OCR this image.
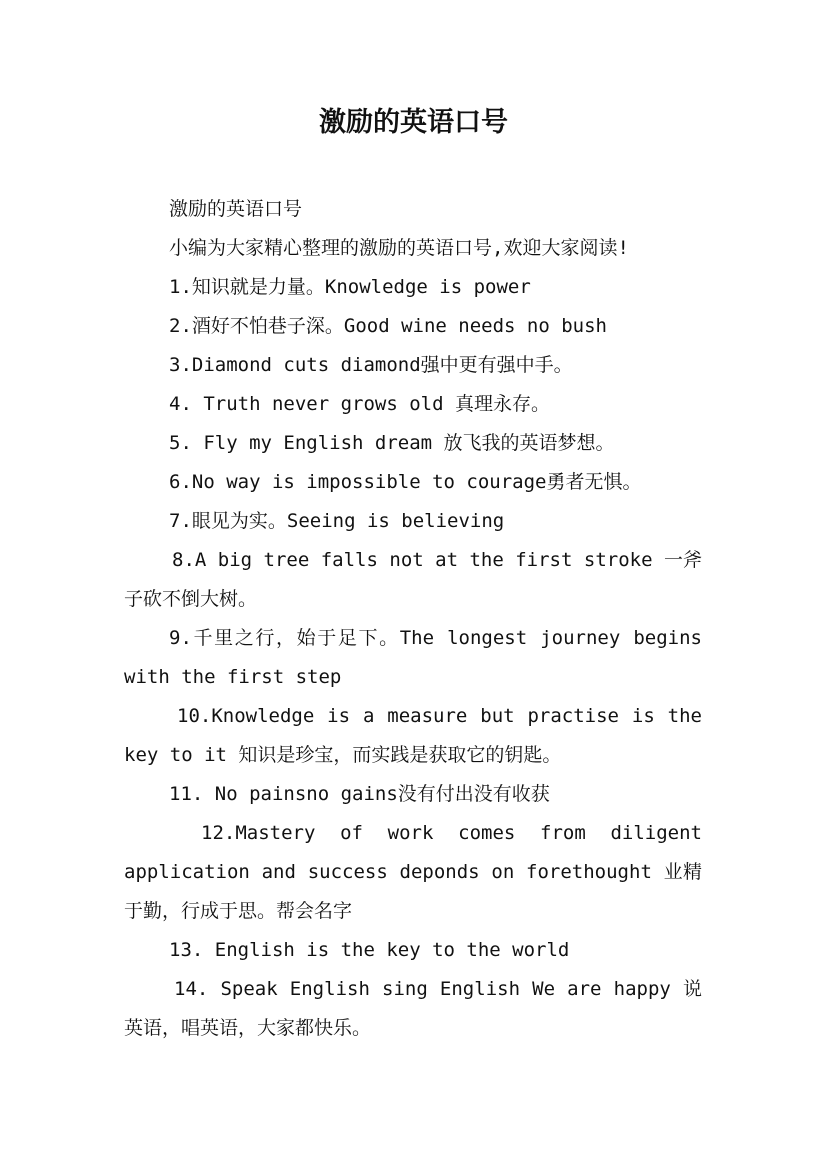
激励的英语口号

激励的英语口号

小编为大家精心整理的激励的英语口号,欢迎大家阅读!

1.知识就是力量。Knowledge is power

2.酒好不怕巷子深。Good wine needs no bush

3.Diamond cuts diamond强中更有强中手。

4. Truth never grows old 真理永存。

5. Fly my English dream 放飞我的英语梦想。

6.No way is impossible to courage勇者无惧。

7.眼见为实。Seeing is believing

8.A big tree falls not at the first stroke 一斧子砍不倒大树。

9.千里之行，始于足下。The longest journey begins with the first step

10.Knowledge is a measure but practise is the key to it 知识是珍宝，而实践是获取它的钥匙。

11. No painsno gains没有付出没有收获

12.Mastery of work comes from diligent application and success deponds on forethought 业精于勤，行成于思。帮会名字

13. English is the key to the world

14. Speak English sing English We are happy 说英语，唱英语，大家都快乐。
